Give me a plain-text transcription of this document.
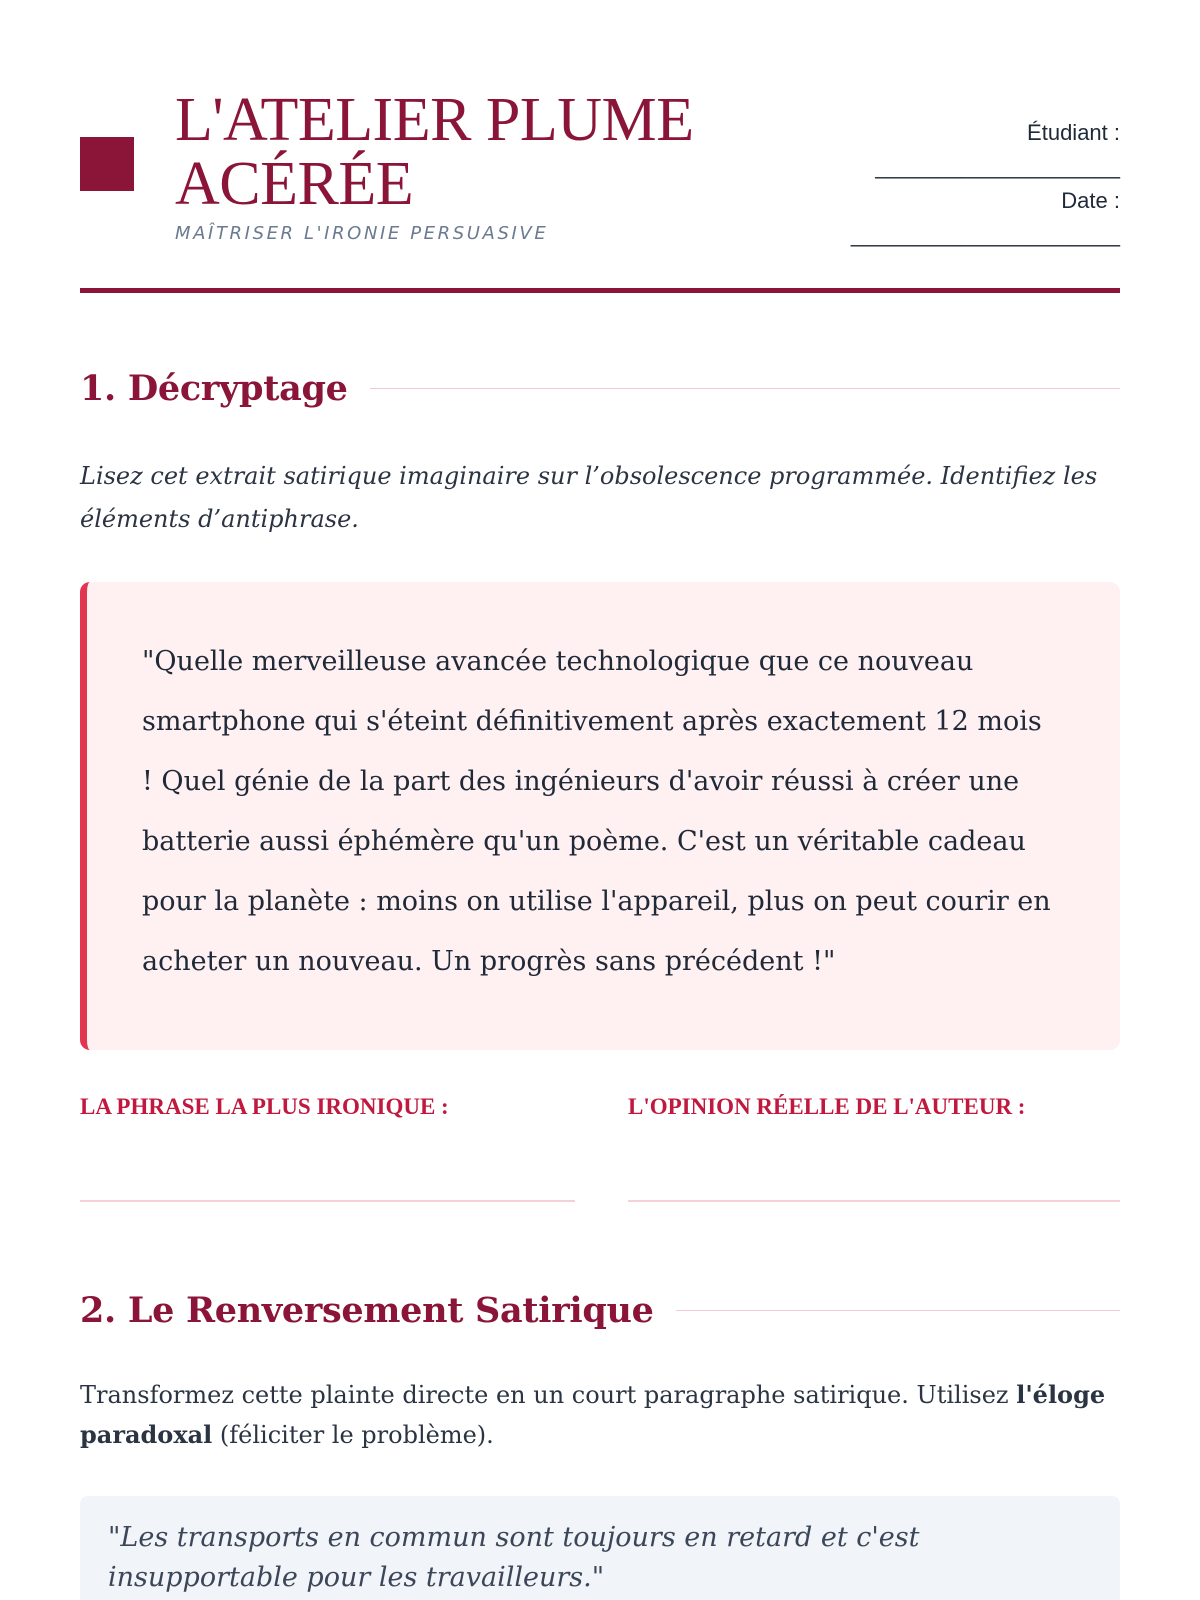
L'ATELIER PLUME ACÉRÉE
MAÎTRISER L'IRONIE PERSUASIVE
Étudiant :
____________________
Date :
______________________
1. Décryptage
Lisez cet extrait satirique imaginaire sur l’obsolescence programmée. Identifiez les éléments d’antiphrase.

"Quelle merveilleuse avancée technologique que ce nouveau smartphone qui s'éteint définitivement après exactement 12 mois ! Quel génie de la part des ingénieurs d'avoir réussi à créer une batterie aussi éphémère qu'un poème. C'est un véritable cadeau pour la planète : moins on utilise l'appareil, plus on peut courir en acheter un nouveau. Un progrès sans précédent !"

LA PHRASE LA PLUS IRONIQUE :	L'OPINION RÉELLE DE L'AUTEUR :
2. Le Renversement Satirique
Transformez cette plainte directe en un court paragraphe satirique. Utilisez l'éloge paradoxal (féliciter le problème).

"Les transports en commun sont toujours en retard et c'est insupportable pour les travailleurs."
